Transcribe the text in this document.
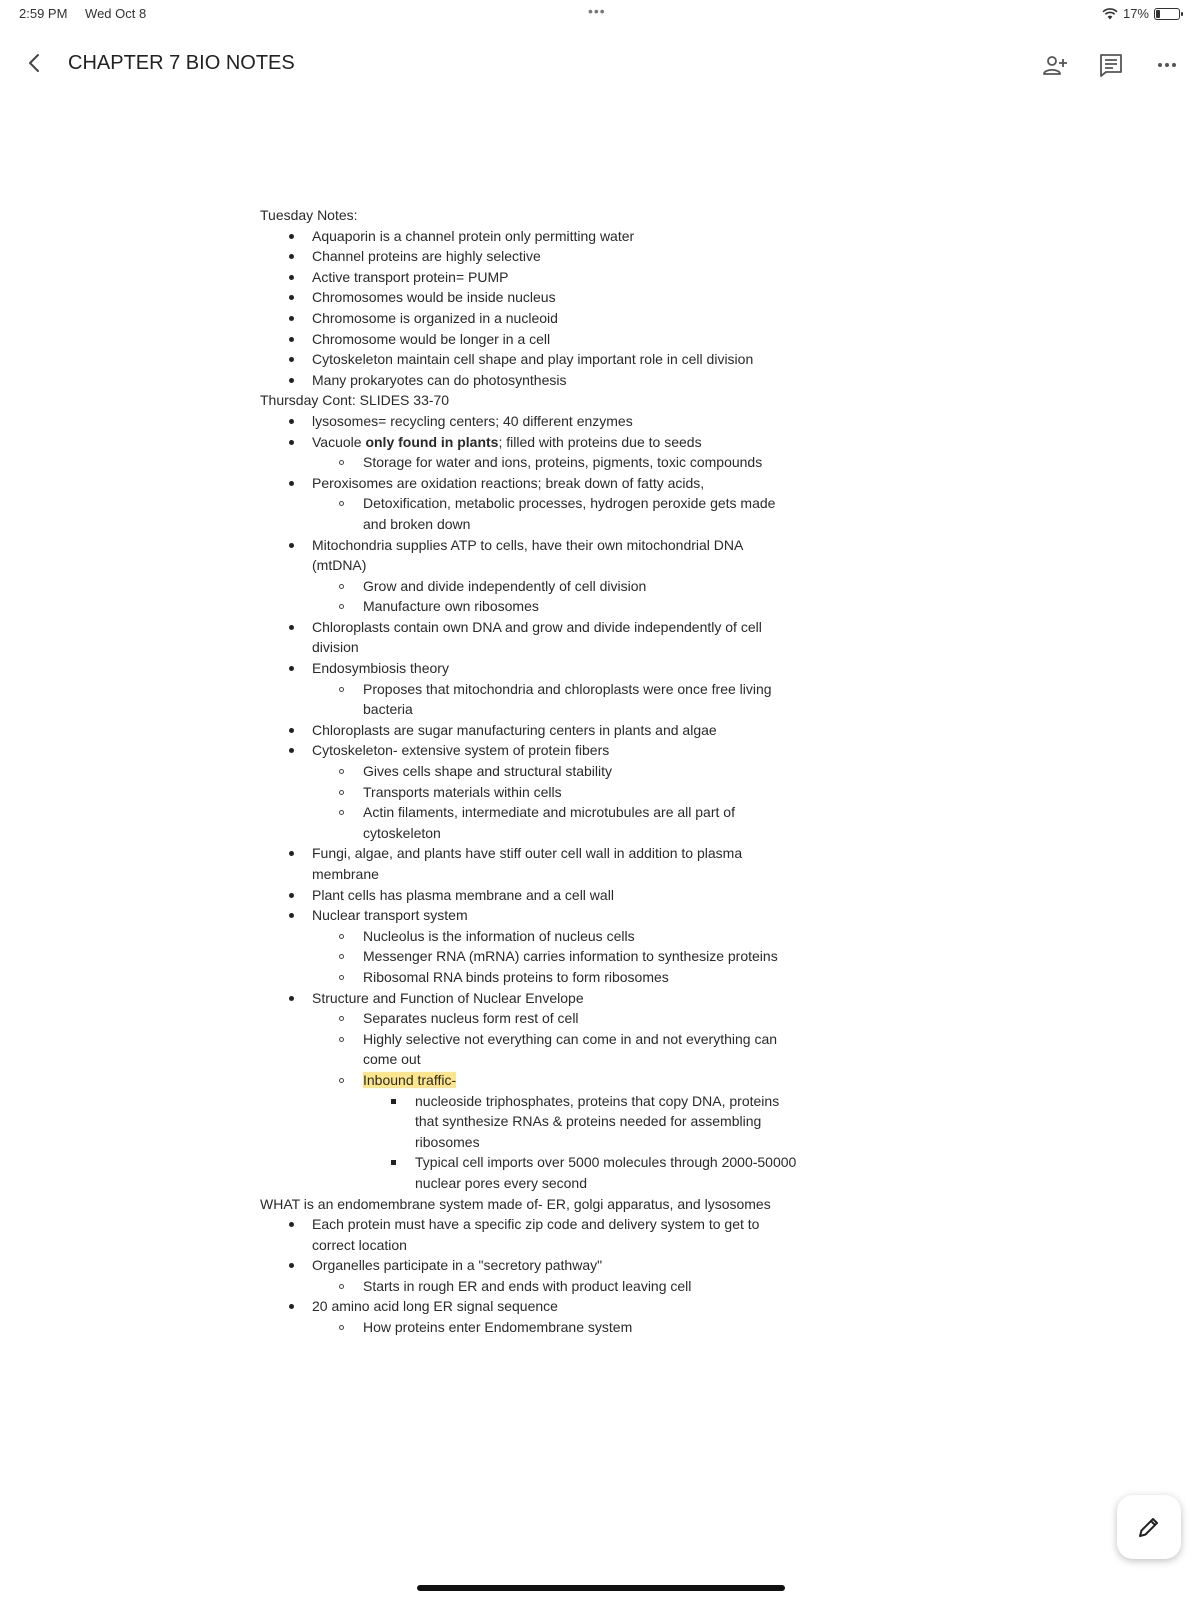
2:59 PM Wed Oct 8	•••	17%
CHAPTER 7 BIO NOTES

Tuesday Notes:

Aquaporin is a channel protein only permitting water
Channel proteins are highly selective
Active transport protein= PUMP
Chromosomes would be inside nucleus
Chromosome is organized in a nucleoid
Chromosome would be longer in a cell
Cytoskeleton maintain cell shape and play important role in cell division
Many prokaryotes can do photosynthesis

Thursday Cont: SLIDES 33-70

lysosomes= recycling centers; 40 different enzymes
Vacuole only found in plants; filled with proteins due to seeds
Storage for water and ions, proteins, pigments, toxic compounds
Peroxisomes are oxidation reactions; break down of fatty acids,
Detoxification, metabolic processes, hydrogen peroxide gets made and broken down
Mitochondria supplies ATP to cells, have their own mitochondrial DNA (mtDNA)
Grow and divide independently of cell division
Manufacture own ribosomes
Chloroplasts contain own DNA and grow and divide independently of cell division
Endosymbiosis theory
Proposes that mitochondria and chloroplasts were once free living bacteria
Chloroplasts are sugar manufacturing centers in plants and algae
Cytoskeleton- extensive system of protein fibers
Gives cells shape and structural stability
Transports materials within cells
Actin filaments, intermediate and microtubules are all part of cytoskeleton
Fungi, algae, and plants have stiff outer cell wall in addition to plasma membrane
Plant cells has plasma membrane and a cell wall
Nuclear transport system
Nucleolus is the information of nucleus cells
Messenger RNA (mRNA) carries information to synthesize proteins
Ribosomal RNA binds proteins to form ribosomes
Structure and Function of Nuclear Envelope
Separates nucleus form rest of cell
Highly selective not everything can come in and not everything can come out
Inbound traffic-
nucleoside triphosphates, proteins that copy DNA, proteins that synthesize RNAs & proteins needed for assembling ribosomes
Typical cell imports over 5000 molecules through 2000-50000 nuclear pores every second

WHAT is an endomembrane system made of- ER, golgi apparatus, and lysosomes

Each protein must have a specific zip code and delivery system to get to correct location
Organelles participate in a "secretory pathway"
Starts in rough ER and ends with product leaving cell
20 amino acid long ER signal sequence
How proteins enter Endomembrane system
